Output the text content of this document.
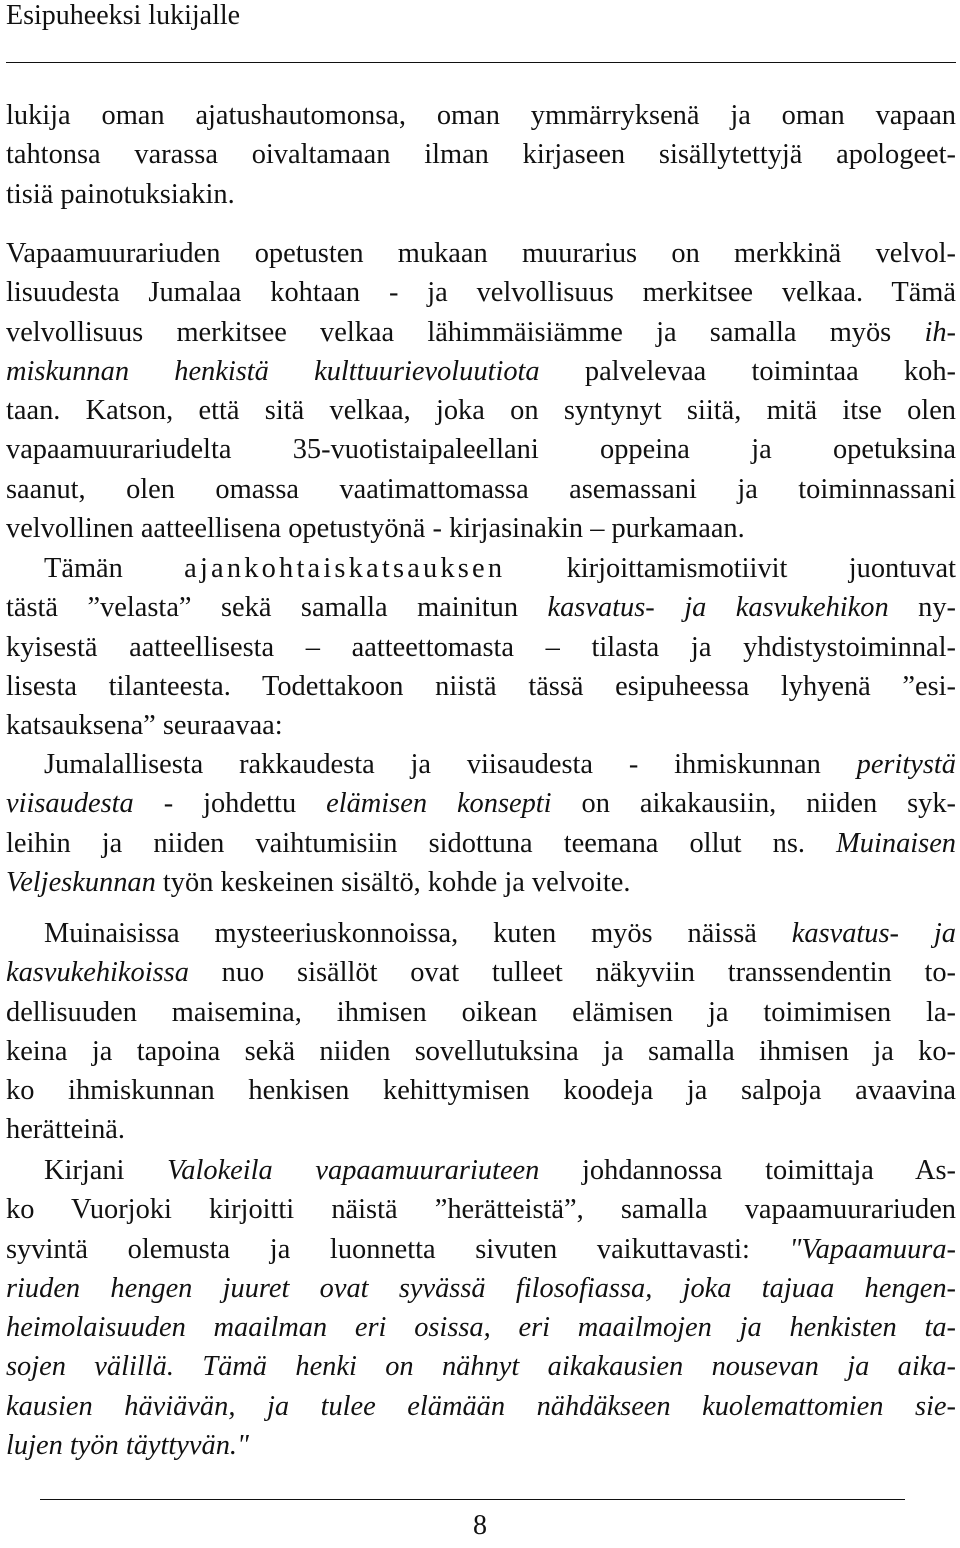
Esipuheeksi lukijalle
lukija oman ajatushautomonsa, oman ymmärryksenä ja oman vapaan
tahtonsa varassa oivaltamaan ilman kirjaseen sisällytettyjä apologeet-
tisiä painotuksiakin.
Vapaamuurariuden opetusten mukaan muurarius on merkkinä velvol-
lisuudesta Jumalaa kohtaan - ja velvollisuus merkitsee velkaa. Tämä
velvollisuus merkitsee velkaa lähimmäisiämme ja samalla myös ih-
miskunnan henkistä kulttuurievoluutiota palvelevaa toimintaa koh-
taan. Katson, että sitä velkaa, joka on syntynyt siitä, mitä itse olen
vapaamuurariudelta 35-vuotistaipaleellani oppeina ja opetuksina
saanut, olen omassa vaatimattomassa asemassani ja toiminnassani
velvollinen aatteellisena opetustyönä - kirjasinakin – purkamaan.
Tämän ajankohtaiskatsauksen kirjoittamismotiivit juontuvat
tästä ”velasta” sekä samalla mainitun kasvatus- ja kasvukehikon ny-
kyisestä aatteellisesta – aatteettomasta – tilasta ja yhdistystoiminnal-
lisesta tilanteesta. Todettakoon niistä tässä esipuheessa lyhyenä ”esi-
katsauksena” seuraavaa:
Jumalallisesta rakkaudesta ja viisaudesta - ihmiskunnan peritystä
viisaudesta - johdettu elämisen konsepti on aikakausiin, niiden syk-
leihin ja niiden vaihtumisiin sidottuna teemana ollut ns. Muinaisen
Veljeskunnan työn keskeinen sisältö, kohde ja velvoite.
Muinaisissa mysteeriuskonnoissa, kuten myös näissä kasvatus- ja
kasvukehikoissa nuo sisällöt ovat tulleet näkyviin transsendentin to-
dellisuuden maisemina, ihmisen oikean elämisen ja toimimisen la-
keina ja tapoina sekä niiden sovellutuksina ja samalla ihmisen ja ko-
ko ihmiskunnan henkisen kehittymisen koodeja ja salpoja avaavina
herätteinä.
Kirjani Valokeila vapaamuurariuteen johdannossa toimittaja As-
ko Vuorjoki kirjoitti näistä ”herätteistä”, samalla vapaamuurariuden
syvintä olemusta ja luonnetta sivuten vaikuttavasti: "Vapaamuura-
riuden hengen juuret ovat syvässä filosofiassa, joka tajuaa hengen-
heimolaisuuden maailman eri osissa, eri maailmojen ja henkisten ta-
sojen välillä. Tämä henki on nähnyt aikakausien nousevan ja aika-
kausien häviävän, ja tulee elämään nähdäkseen kuolemattomien sie-
lujen työn täyttyvän."
8
